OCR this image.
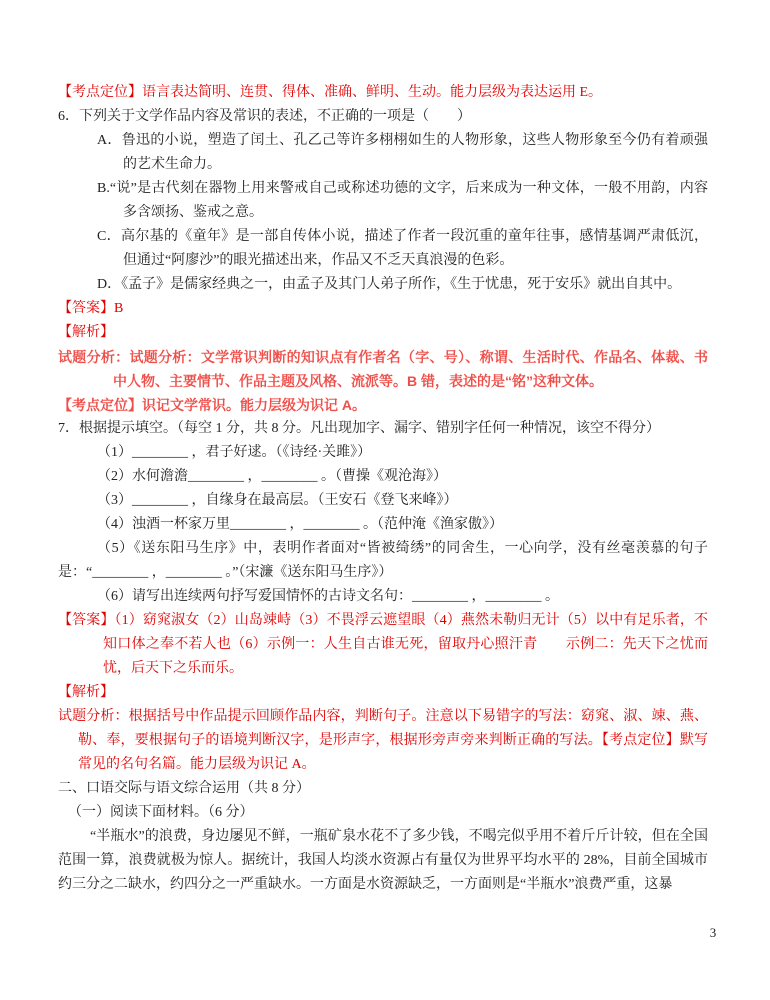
【考点定位】语言表达简明、连贯、得体、准确、鲜明、生动。能力层级为表达运用 E。
6．下列关于文学作品内容及常识的表述，不正确的一项是（　　）
A．鲁迅的小说，塑造了闰土、孔乙己等许多栩栩如生的人物形象，这些人物形象至今仍有着顽强的艺术生命力。
B.“说”是古代刻在器物上用来警戒自己或称述功德的文字，后来成为一种文体，一般不用韵，内容多含颂扬、鉴戒之意。
C．高尔基的《童年》是一部自传体小说，描述了作者一段沉重的童年往事，感情基调严肃低沉，但通过“阿廖沙”的眼光描述出来，作品又不乏天真浪漫的色彩。
D．《孟子》是儒家经典之一，由孟子及其门人弟子所作，《生于忧患，死于安乐》就出自其中。
【答案】B
【解析】
试题分析：试题分析：文学常识判断的知识点有作者名（字、号）、称谓、生活时代、作品名、体裁、书中人物、主要情节、作品主题及风格、流派等。B 错，表述的是“铭”这种文体。
【考点定位】识记文学常识。能力层级为识记 A。
7．根据提示填空。（每空 1 分，共 8 分。凡出现加字、漏字、错别字任何一种情况，该空不得分）
（1）________ ，君子好逑。（《诗经·关雎》）
（2）水何澹澹________ ，________ 。（曹操《观沧海》）
（3）________ ，自缘身在最高层。（王安石《登飞来峰》）
（4）浊酒一杯家万里________ ，________ 。（范仲淹《渔家傲》）
（5）《送东阳马生序》中，表明作者面对“皆被绮绣”的同舍生，一心向学，没有丝毫羡慕的句子是：“________ ，________ 。”（宋濂《送东阳马生序》）
（6）请写出连续两句抒写爱国情怀的古诗文名句：________ ，________ 。
【答案】（1）窈窕淑女（2）山岛竦峙（3）不畏浮云遮望眼（4）燕然未勒归无计（5）以中有足乐者，不知口体之奉不若人也（6）示例一：人生自古谁无死，留取丹心照汗青　　示例二：先天下之忧而忧，后天下之乐而乐。
【解析】
试题分析：根据括号中作品提示回顾作品内容，判断句子。注意以下易错字的写法：窈窕、淑、竦、燕、勒、奉，要根据句子的语境判断汉字，是形声字，根据形旁声旁来判断正确的写法。【考点定位】默写常见的名句名篇。能力层级为识记 A。
二、口语交际与语文综合运用（共 8 分）
（一）阅读下面材料。（6 分）
“半瓶水”的浪费，身边屡见不鲜，一瓶矿泉水花不了多少钱，不喝完似乎用不着斤斤计较，但在全国范围一算，浪费就极为惊人。据统计，我国人均淡水资源占有量仅为世界平均水平的 28%，目前全国城市约三分之二缺水，约四分之一严重缺水。一方面是水资源缺乏，一方面则是“半瓶水”浪费严重，这暴
3
